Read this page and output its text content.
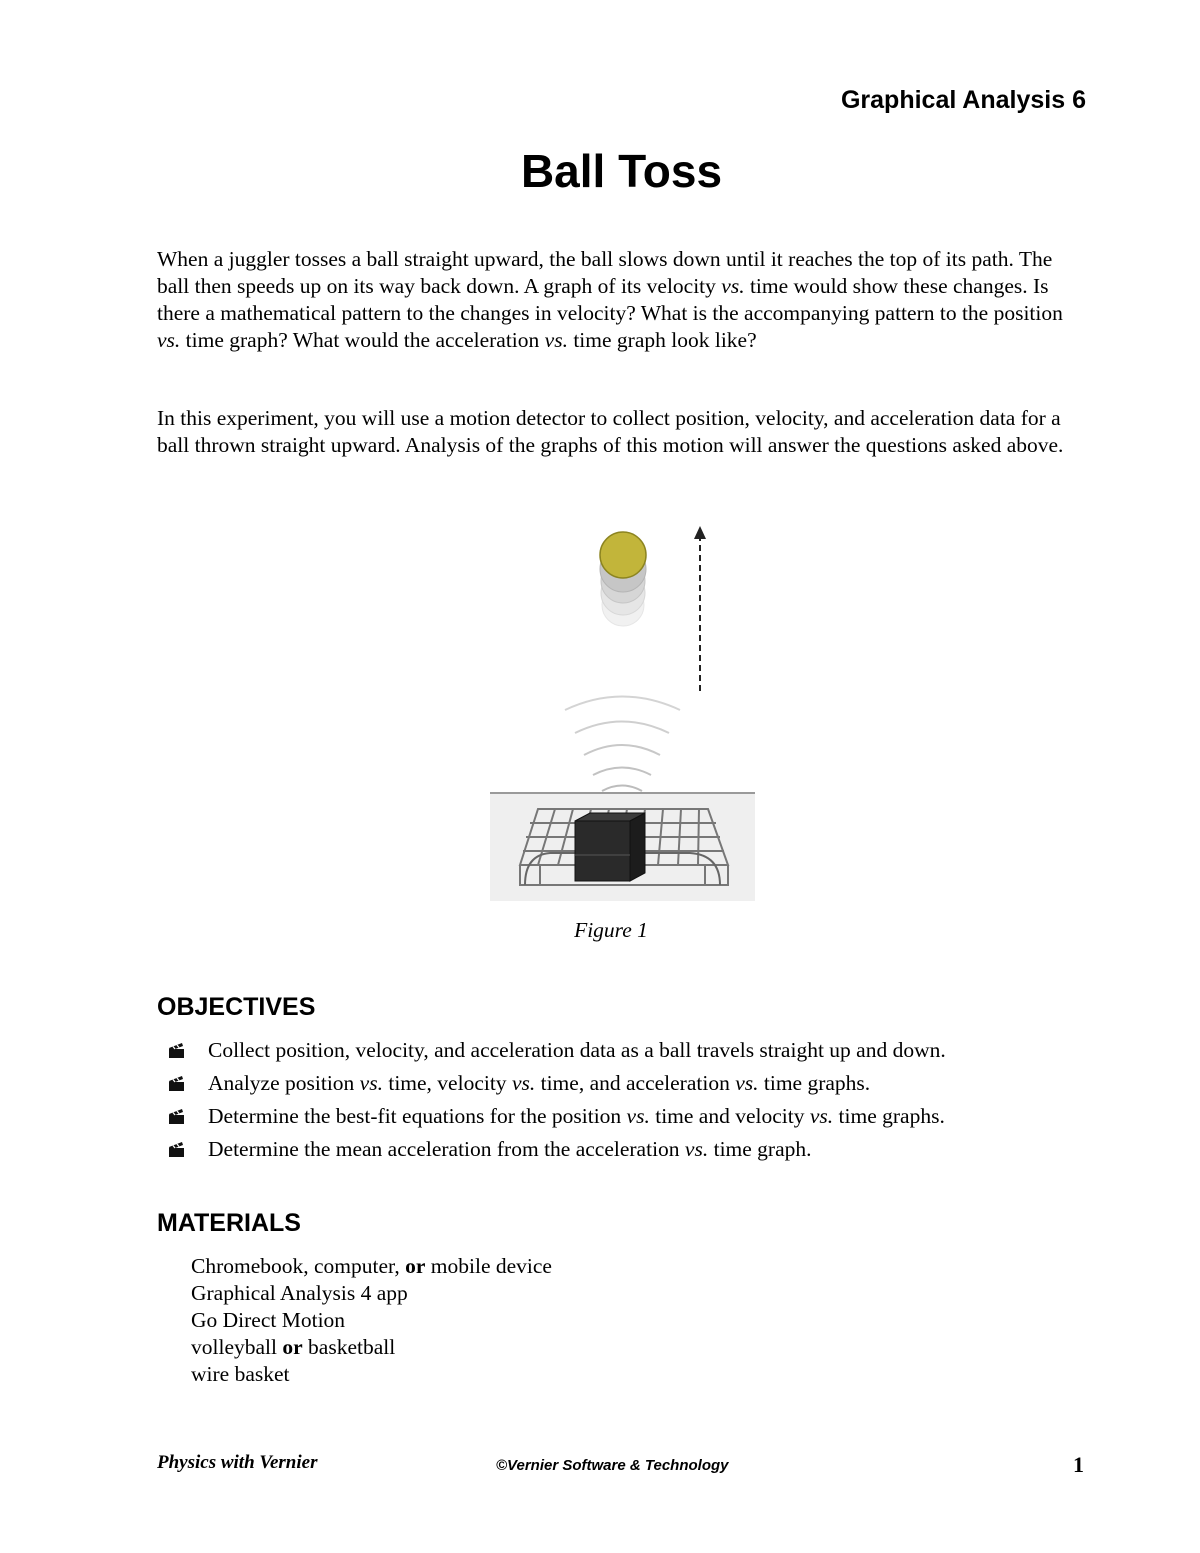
Graphical Analysis 6
Ball Toss

When a juggler tosses a ball straight upward, the ball slows down until it reaches the top of its path. The ball then speeds up on its way back down. A graph of its velocity vs. time would show these changes. Is there a mathematical pattern to the changes in velocity? What is the accompanying pattern to the position vs. time graph? What would the acceleration vs. time graph look like?

In this experiment, you will use a motion detector to collect position, velocity, and acceleration data for a ball thrown straight upward. Analysis of the graphs of this motion will answer the questions asked above.

Figure 1
OBJECTIVES
Collect position, velocity, and acceleration data as a ball travels straight up and down.
Analyze position vs. time, velocity vs. time, and acceleration vs. time graphs.
Determine the best-fit equations for the position vs. time and velocity vs. time graphs.
Determine the mean acceleration from the acceleration vs. time graph.
MATERIALS
Chromebook, computer, or mobile device
Graphical Analysis 4 app
Go Direct Motion
volleyball or basketball
wire basket
Physics with Vernier	©Vernier Software & Technology	1
